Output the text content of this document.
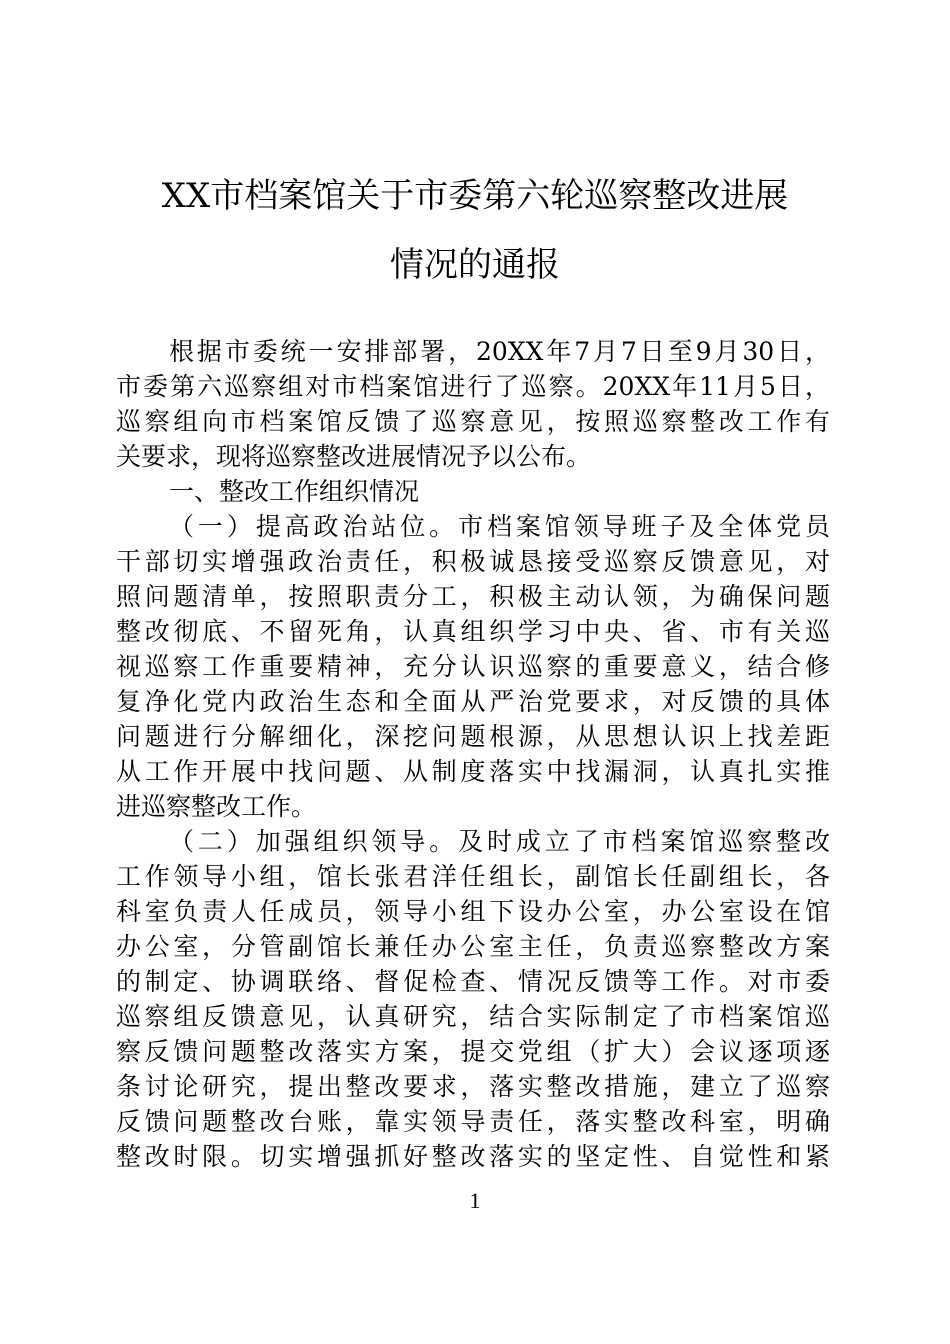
XX市档案馆关于市委第六轮巡察整改进展
情况的通报
根据市委统一安排部署，20XX年7月7日至9月30日，
市委第六巡察组对市档案馆进行了巡察。20XX年11月5日，
巡察组向市档案馆反馈了巡察意见，按照巡察整改工作有
关要求，现将巡察整改进展情况予以公布。
一、整改工作组织情况
（一）提高政治站位。市档案馆领导班子及全体党员
干部切实增强政治责任，积极诚恳接受巡察反馈意见，对
照问题清单，按照职责分工，积极主动认领，为确保问题
整改彻底、不留死角，认真组织学习中央、省、市有关巡
视巡察工作重要精神，充分认识巡察的重要意义，结合修
复净化党内政治生态和全面从严治党要求，对反馈的具体
问题进行分解细化，深挖问题根源，从思想认识上找差距
从工作开展中找问题、从制度落实中找漏洞，认真扎实推
进巡察整改工作。
（二）加强组织领导。及时成立了市档案馆巡察整改
工作领导小组，馆长张君洋任组长，副馆长任副组长，各
科室负责人任成员，领导小组下设办公室，办公室设在馆
办公室，分管副馆长兼任办公室主任，负责巡察整改方案
的制定、协调联络、督促检查、情况反馈等工作。对市委
巡察组反馈意见，认真研究，结合实际制定了市档案馆巡
察反馈问题整改落实方案，提交党组（扩大）会议逐项逐
条讨论研究，提出整改要求，落实整改措施，建立了巡察
反馈问题整改台账，靠实领导责任，落实整改科室，明确
整改时限。切实增强抓好整改落实的坚定性、自觉性和紧
1
